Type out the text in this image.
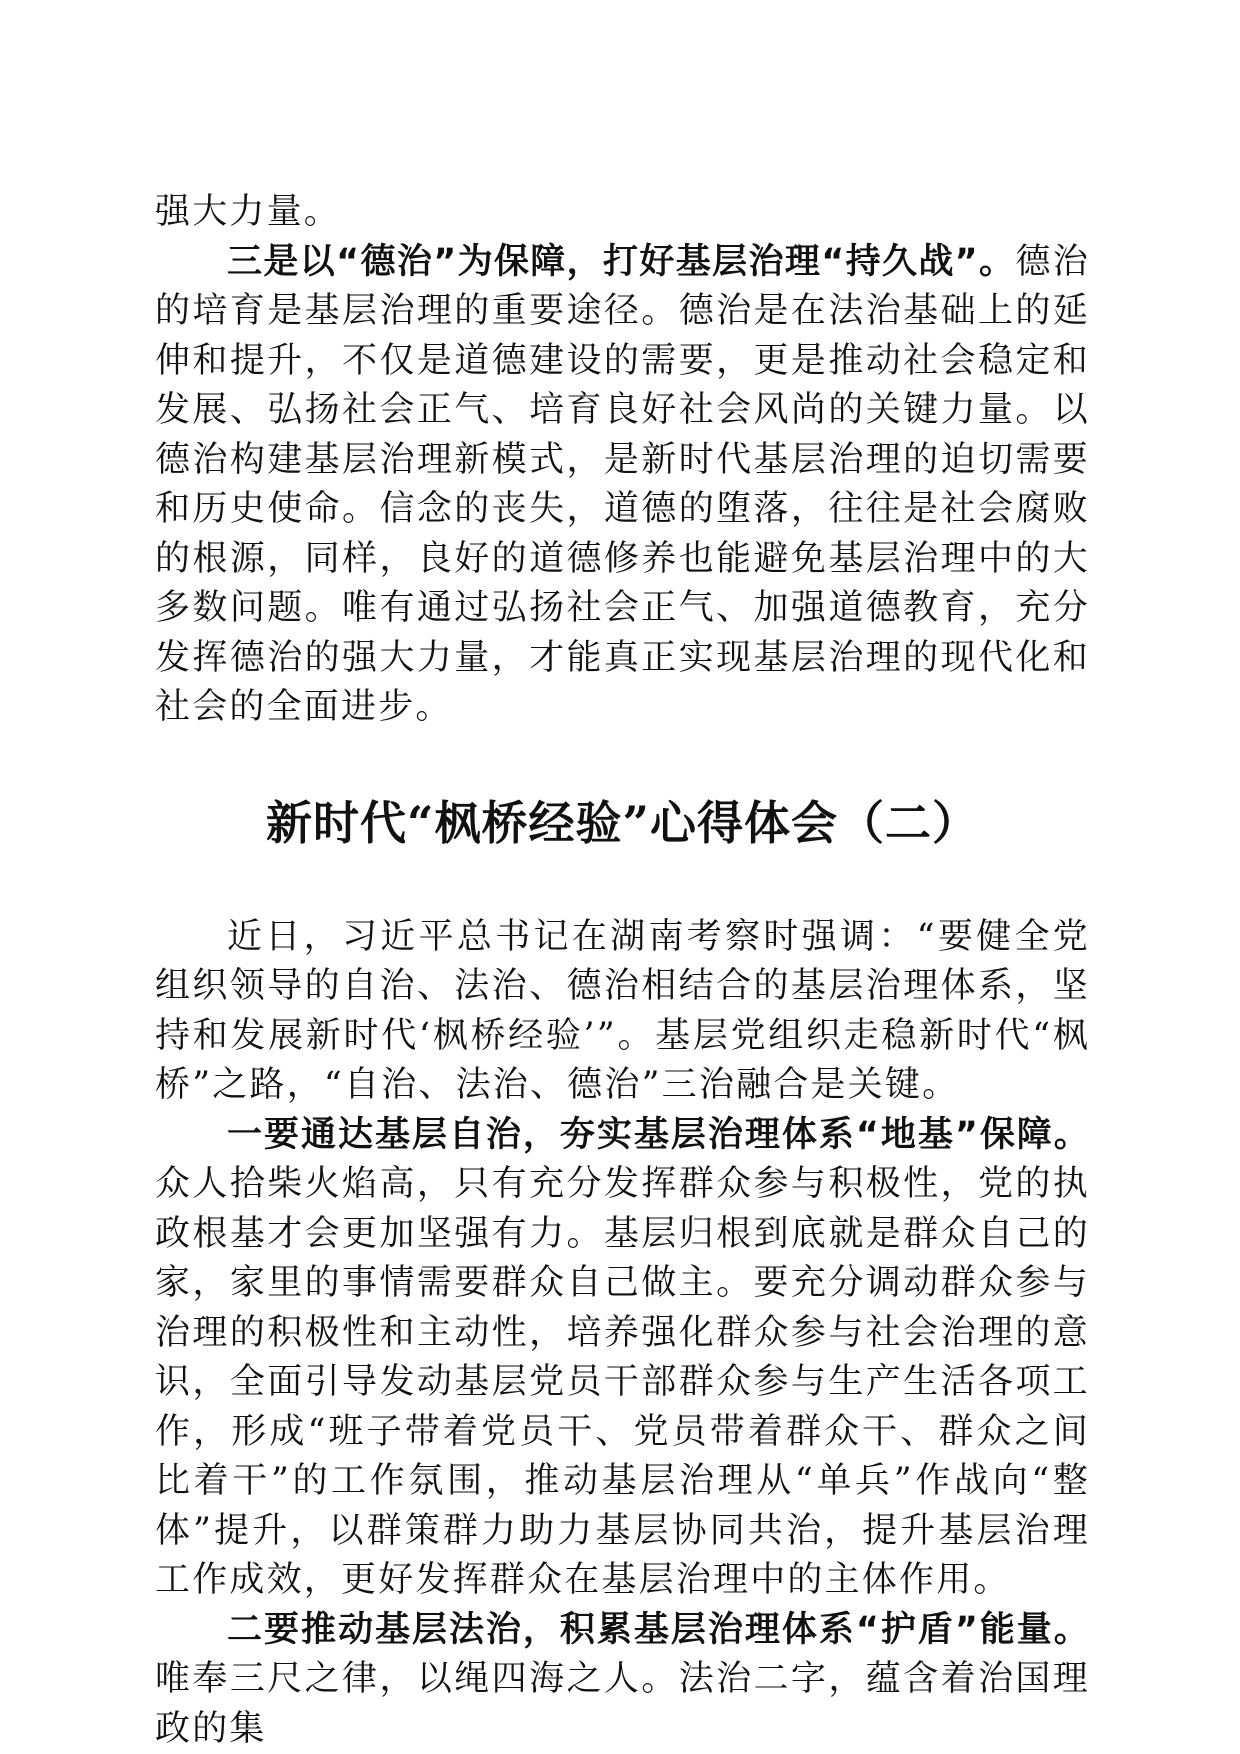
强大力量。

三是以“德治”为保障，打好基层治理“持久战”。德治的培育是基层治理的重要途径。德治是在法治基础上的延伸和提升，不仅是道德建设的需要，更是推动社会稳定和发展、弘扬社会正气、培育良好社会风尚的关键力量。以德治构建基层治理新模式，是新时代基层治理的迫切需要和历史使命。信念的丧失，道德的堕落，往往是社会腐败的根源，同样，良好的道德修养也能避免基层治理中的大多数问题。唯有通过弘扬社会正气、加强道德教育，充分发挥德治的强大力量，才能真正实现基层治理的现代化和社会的全面进步。

新时代“枫桥经验”心得体会（二）

近日，习近平总书记在湖南考察时强调：“要健全党组织领导的自治、法治、德治相结合的基层治理体系，坚持和发展新时代‘枫桥经验’”。基层党组织走稳新时代“枫桥”之路，“自治、法治、德治”三治融合是关键。

一要通达基层自治，夯实基层治理体系“地基”保障。众人拾柴火焰高，只有充分发挥群众参与积极性，党的执政根基才会更加坚强有力。基层归根到底就是群众自己的家，家里的事情需要群众自己做主。要充分调动群众参与治理的积极性和主动性，培养强化群众参与社会治理的意识，全面引导发动基层党员干部群众参与生产生活各项工作，形成“班子带着党员干、党员带着群众干、群众之间比着干”的工作氛围，推动基层治理从“单兵”作战向“整体”提升，以群策群力助力基层协同共治，提升基层治理工作成效，更好发挥群众在基层治理中的主体作用。

二要推动基层法治，积累基层治理体系“护盾”能量。唯奉三尺之律，以绳四海之人。法治二字，蕴含着治国理政的集
